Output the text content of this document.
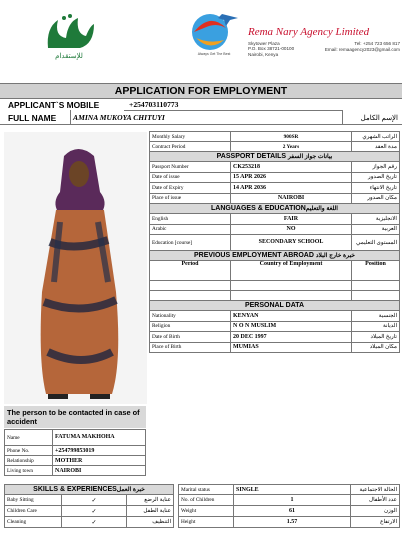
للإستقدام	Always Get The Best
Rema Nary Agency Limited
Skytower Plaza
P.O. Box 38721-00100
Nairobi, Kenya
Tel: +254 723 656 817
Email: remaagency2023@gmail.com
APPLICATION FOR EMPLOYMENT
APPLICANT`S MOBILE	+254703110773
FULL NAME AMINA MUKOYA CHITUYI	الإسم الكامل
Monthly Salary	900SR	الراتب الشهري
Contract Period	2 Years	مدة العقد
PASSPORT DETAILS بيانات جواز السفر		
Passport Number	CK253218	رقم الجواز
Date of issue	15 APR 2026	تاريخ الصدور
Date of Expiry	14 APR 2036	تاريخ الانتهاء
Place of issue	NAIROBI	مكان الصدور
LANGUAGES & EDUCATIONاللغة والتعليم		
English	FAIR	الانجليزية
Arabic	NO	العربية
Education [course]	SECONDARY SCHOOL	المستوى التعليمي
PREVIOUS EMPLOYMENT ABROAD خبرة خارج البلاد		
Period	Country of Employment	Position

PERSONAL DATA		
Nationality	KENYAN	الجنسية
Religion	N O N MUSLIM	الديانة
Date of Birth	20 DEC 1997	تاريخ الميلاد
Place of Birth	MUMIAS	مكان الميلاد
The person to be contacted in case of accident
Name	FATUMA MAKHOHA
Phone No.	+254799853019
Relationship	MOTHER
Living town	NAIROBI
SKILLS & EXPERIENCESخبرة العمل		
Baby Sitting	✓	عناية الرضع
Children Care	✓	عناية الطفل
Cleaning	✓	التنظيف
Marital status	SINGLE	الحالة الاجتماعية
No. of Children	1	عدد الأطفال
Weight	61	الوزن
Height	1.57	الارتفاع
